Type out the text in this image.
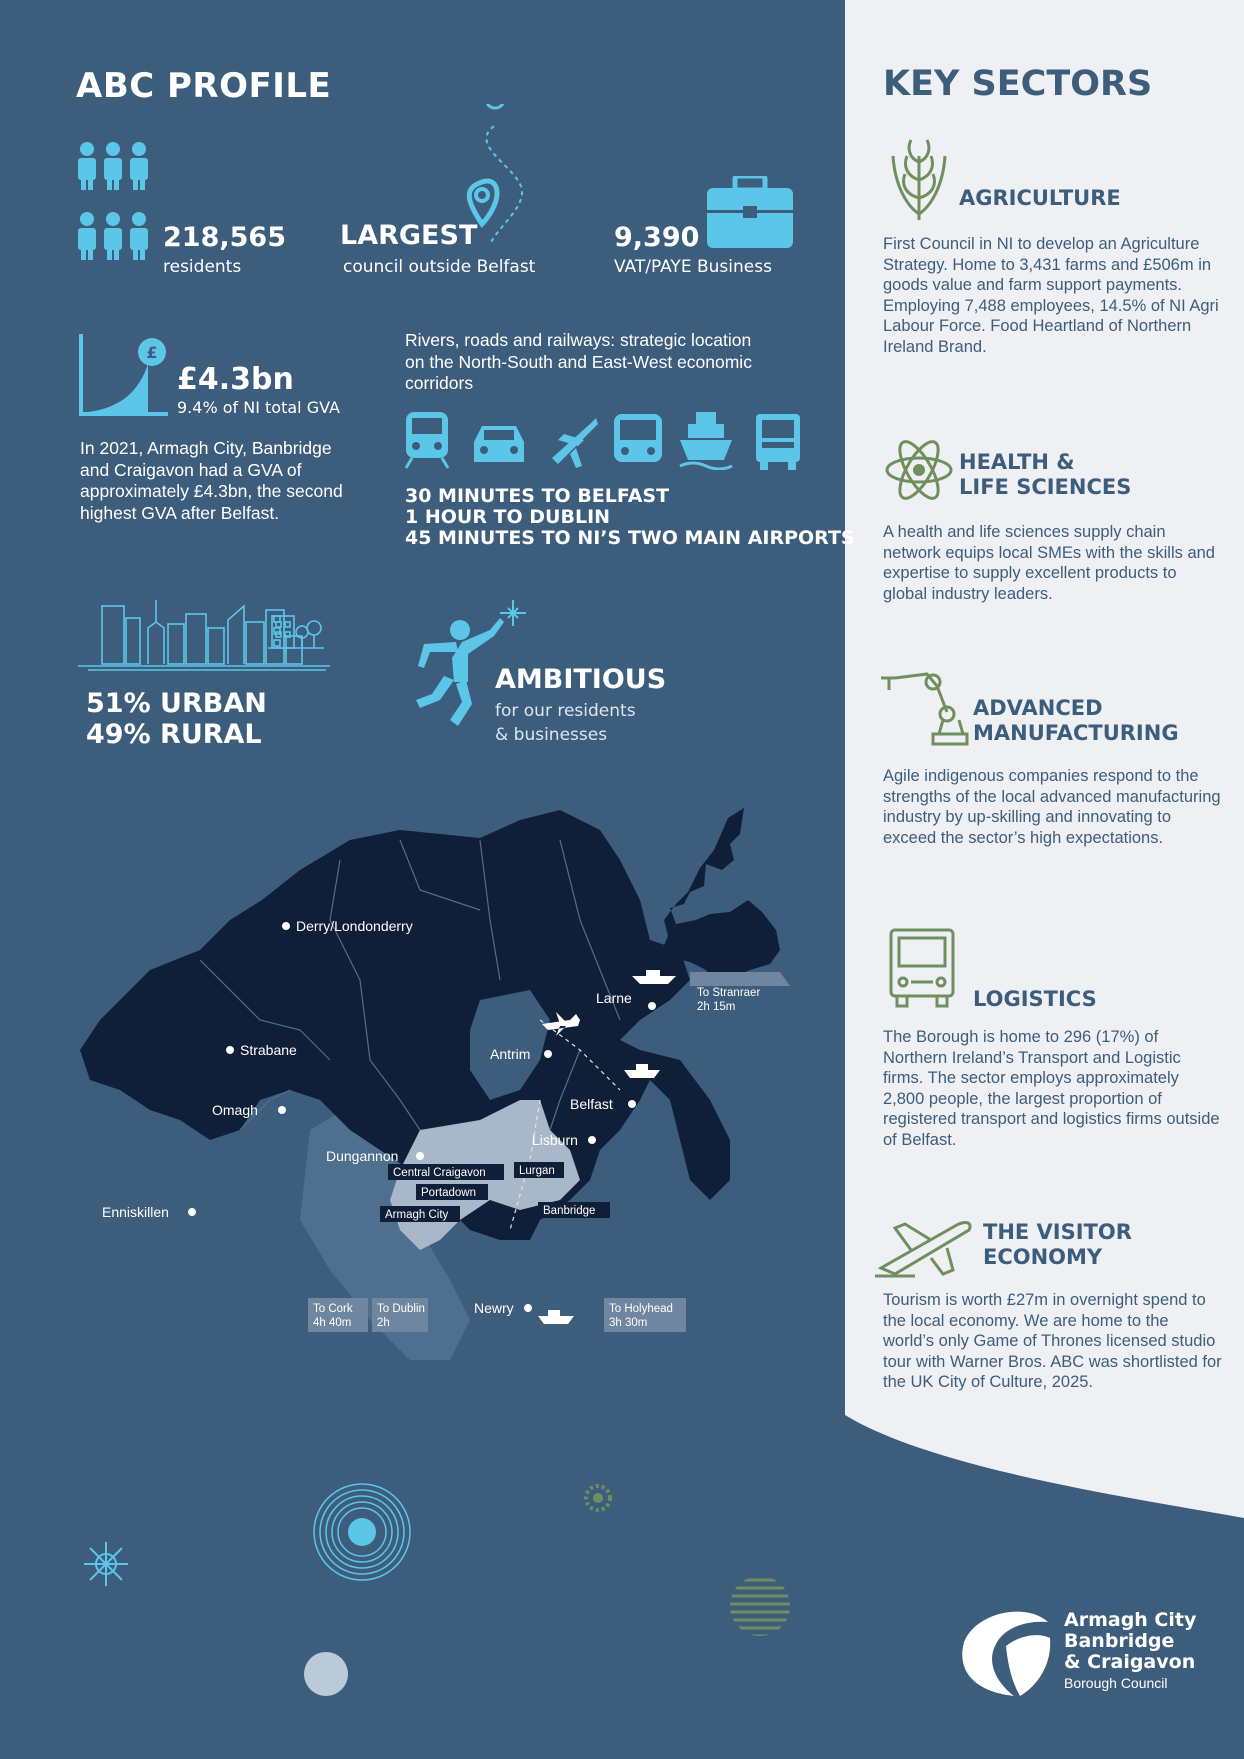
ABC PROFILE
218,565
residents
LARGEST
council outside Belfast
9,390
VAT/PAYE Business
£
£4.3bn
9.4% of NI total GVA
In 2021, Armagh City, Banbridge and Craigavon had a GVA of approximately £4.3bn, the second highest GVA after Belfast.
Rivers, roads and railways: strategic location on the North-South and East-West economic corridors
30 MINUTES TO BELFAST
1 HOUR TO DUBLIN
45 MINUTES TO NI’S TWO MAIN AIRPORTS
51% URBAN
49% RURAL
AMBITIOUS
for our residents
& businesses
To Stranraer
2h 15m
To Cork
4h 40m
To Dublin
2h
To Holyhead
3h 30m
Derry/Londonderry
Strabane
Omagh
Enniskillen
Dungannon
Larne
Antrim
Belfast
Lisburn
Newry
Central Craigavon
Portadown
Lurgan
Armagh City	Banbridge
KEY SECTORS
AGRICULTURE
First Council in NI to develop an Agriculture Strategy. Home to 3,431 farms and £506m in goods value and farm support payments. Employing 7,488 employees, 14.5% of NI Agri Labour Force. Food Heartland of Northern Ireland Brand.
HEALTH &
LIFE SCIENCES
A health and life sciences supply chain network equips local SMEs with the skills and expertise to supply excellent products to global industry leaders.
ADVANCED
MANUFACTURING
Agile indigenous companies respond to the strengths of the local advanced manufacturing industry by up-skilling and innovating to exceed the sector’s high expectations.
LOGISTICS
The Borough is home to 296 (17%) of Northern Ireland’s Transport and Logistic firms. The sector employs approximately 2,800 people, the largest proportion of registered transport and logistics firms outside of Belfast.
THE VISITOR
ECONOMY
Tourism is worth £27m in overnight spend to the local economy. We are home to the world’s only Game of Thrones licensed studio tour with Warner Bros. ABC was shortlisted for the UK City of Culture, 2025.
Armagh City
Banbridge
& Craigavon
Borough Council
